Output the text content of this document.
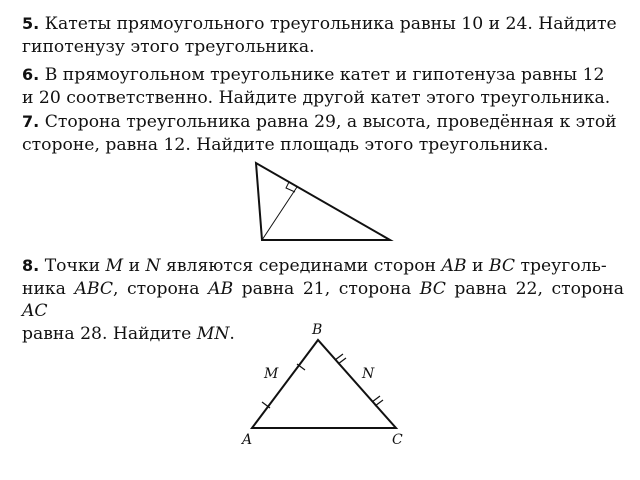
5. Катеты прямоугольного треугольника равны 10 и 24. Найдите
гипотенузу этого треугольника.
6. В прямоугольном треугольнике катет и гипотенуза равны 12
и 20 соответственно. Найдите другой катет этого треугольника.
7. Сторона треугольника равна 29, а высота, проведённая к этой
стороне, равна 12. Найдите площадь этого треугольника.
8. Точки M и N являются серединами сторон AB и BC треуголь-
ника ABC, сторона AB равна 21, сторона BC равна 22, сторона AC
равна 28. Найдите MN.	B
M	N
A	C
